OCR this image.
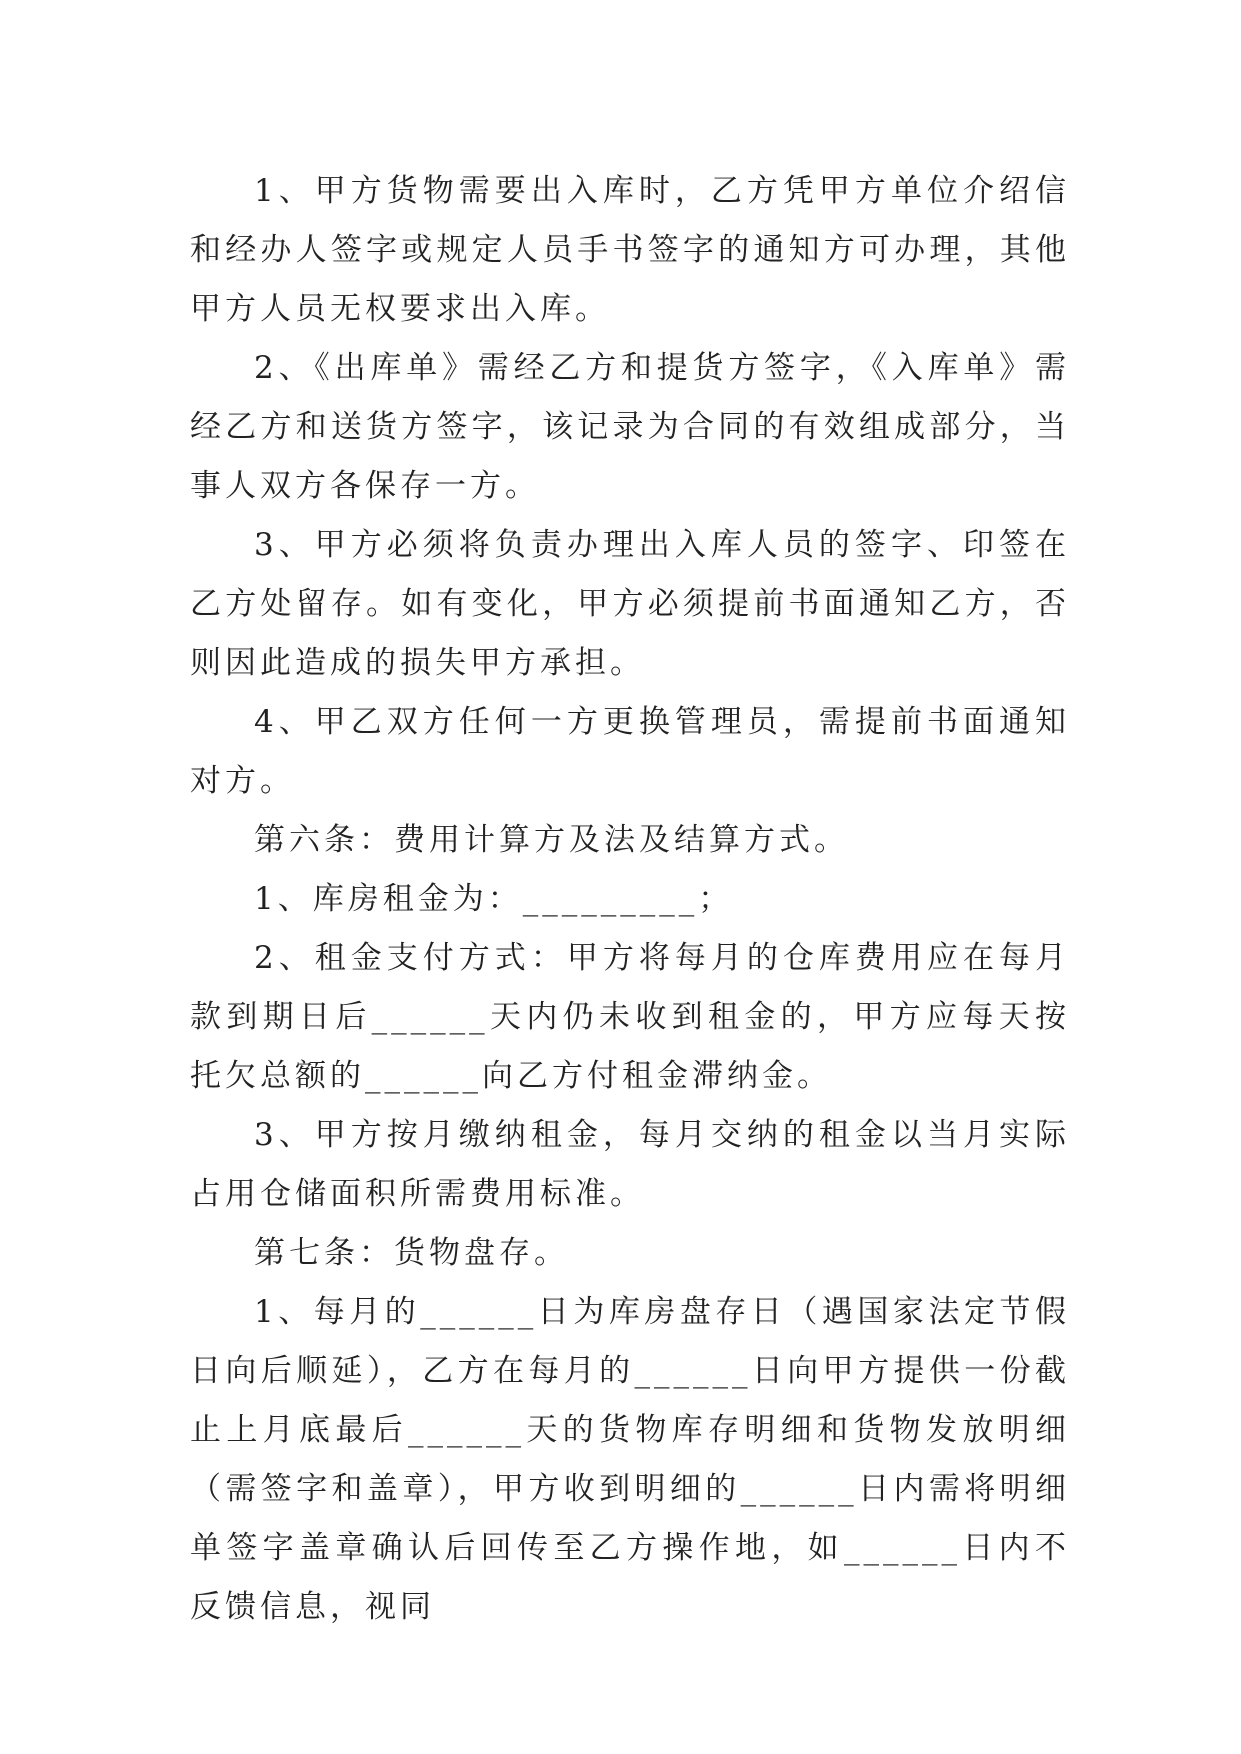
1、甲方货物需要出入库时，乙方凭甲方单位介绍信和经办人签字或规定人员手书签字的通知方可办理，其他甲方人员无权要求出入库。

2、《出库单》需经乙方和提货方签字，《入库单》需经乙方和送货方签字，该记录为合同的有效组成部分，当事人双方各保存一方。

3、甲方必须将负责办理出入库人员的签字、印签在乙方处留存。如有变化，甲方必须提前书面通知乙方，否则因此造成的损失甲方承担。

4、甲乙双方任何一方更换管理员，需提前书面通知对方。

第六条：费用计算方及法及结算方式。

1、库房租金为：_________；

2、租金支付方式：甲方将每月的仓库费用应在每月款到期日后______天内仍未收到租金的，甲方应每天按托欠总额的______向乙方付租金滞纳金。

3、甲方按月缴纳租金，每月交纳的租金以当月实际占用仓储面积所需费用标准。

第七条：货物盘存。

1、每月的______日为库房盘存日（遇国家法定节假日向后顺延），乙方在每月的______日向甲方提供一份截止上月底最后______天的货物库存明细和货物发放明细（需签字和盖章），甲方收到明细的______日内需将明细单签字盖章确认后回传至乙方操作地，如______日内不反馈信息，视同
